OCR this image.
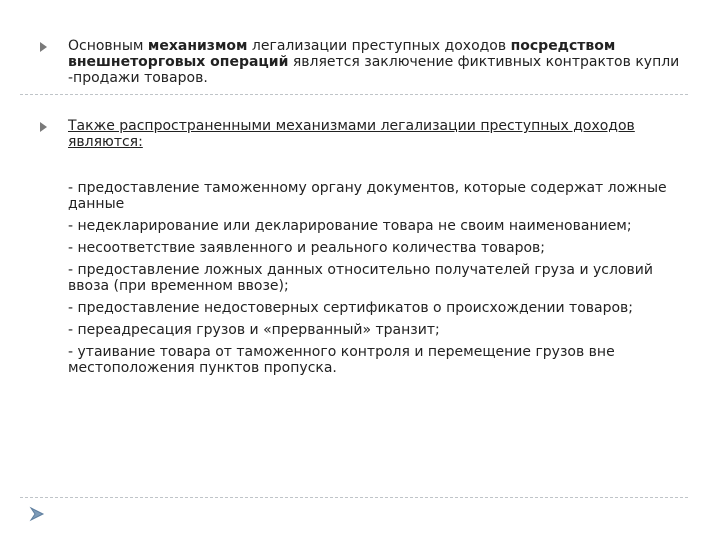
Основным механизмом легализации преступных доходов посредством
внешнеторговых операций является заключение фиктивных контрактов купли
-продажи товаров.
Также распространенными механизмами легализации преступных доходов являются:
- предоставление таможенному органу документов, которые содержат ложные данные
- недекларирование или декларирование товара не своим наименованием;
- несоответствие заявленного и реального количества товаров;
- предоставление ложных данных относительно получателей груза и условий ввоза (при временном ввозе);
- предоставление недостоверных сертификатов о происхождении товаров;
- переадресация грузов и «прерванный» транзит;
- утаивание товара от таможенного контроля и перемещение грузов вне местоположения пунктов пропуска.
